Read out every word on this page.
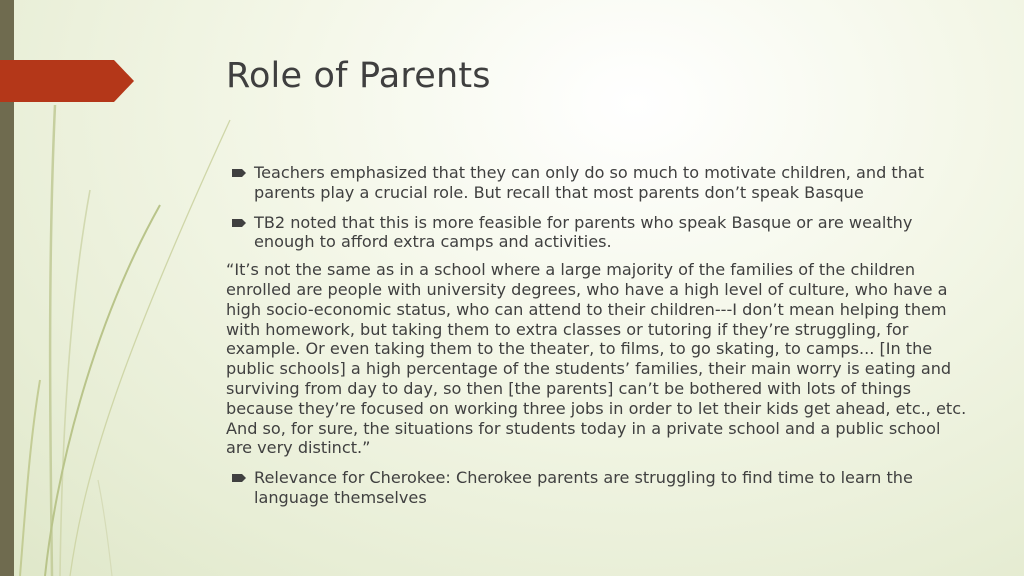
Role of Parents
Teachers emphasized that they can only do so much to motivate children, and that parents play a crucial role. But recall that most parents don’t speak Basque
TB2 noted that this is more feasible for parents who speak Basque or are wealthy enough to afford extra camps and activities.
“It’s not the same as in a school where a large majority of the families of the children enrolled are people with university degrees, who have a high level of culture, who have a high socio-economic status, who can attend to their children---I don’t mean helping them with homework, but taking them to extra classes or tutoring if they’re struggling, for example. Or even taking them to the theater, to films, to go skating, to camps... [In the public schools] a high percentage of the students’ families, their main worry is eating and surviving from day to day, so then [the parents] can’t be bothered with lots of things because they’re focused on working three jobs in order to let their kids get ahead, etc., etc. And so, for sure, the situations for students today in a private school and a public school are very distinct.”
Relevance for Cherokee: Cherokee parents are struggling to find time to learn the language themselves
